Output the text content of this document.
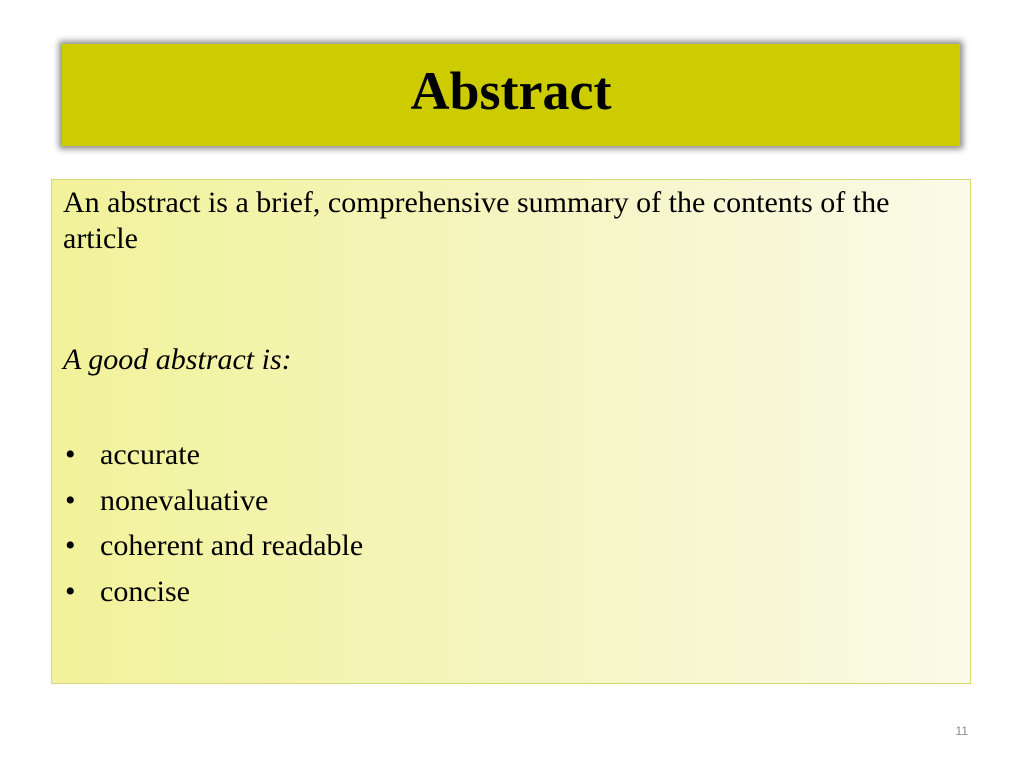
Abstract

An abstract is a brief, comprehensive summary of the contents of the article

A good abstract is:

• accurate
• nonevaluative
• coherent and readable
• concise
11
